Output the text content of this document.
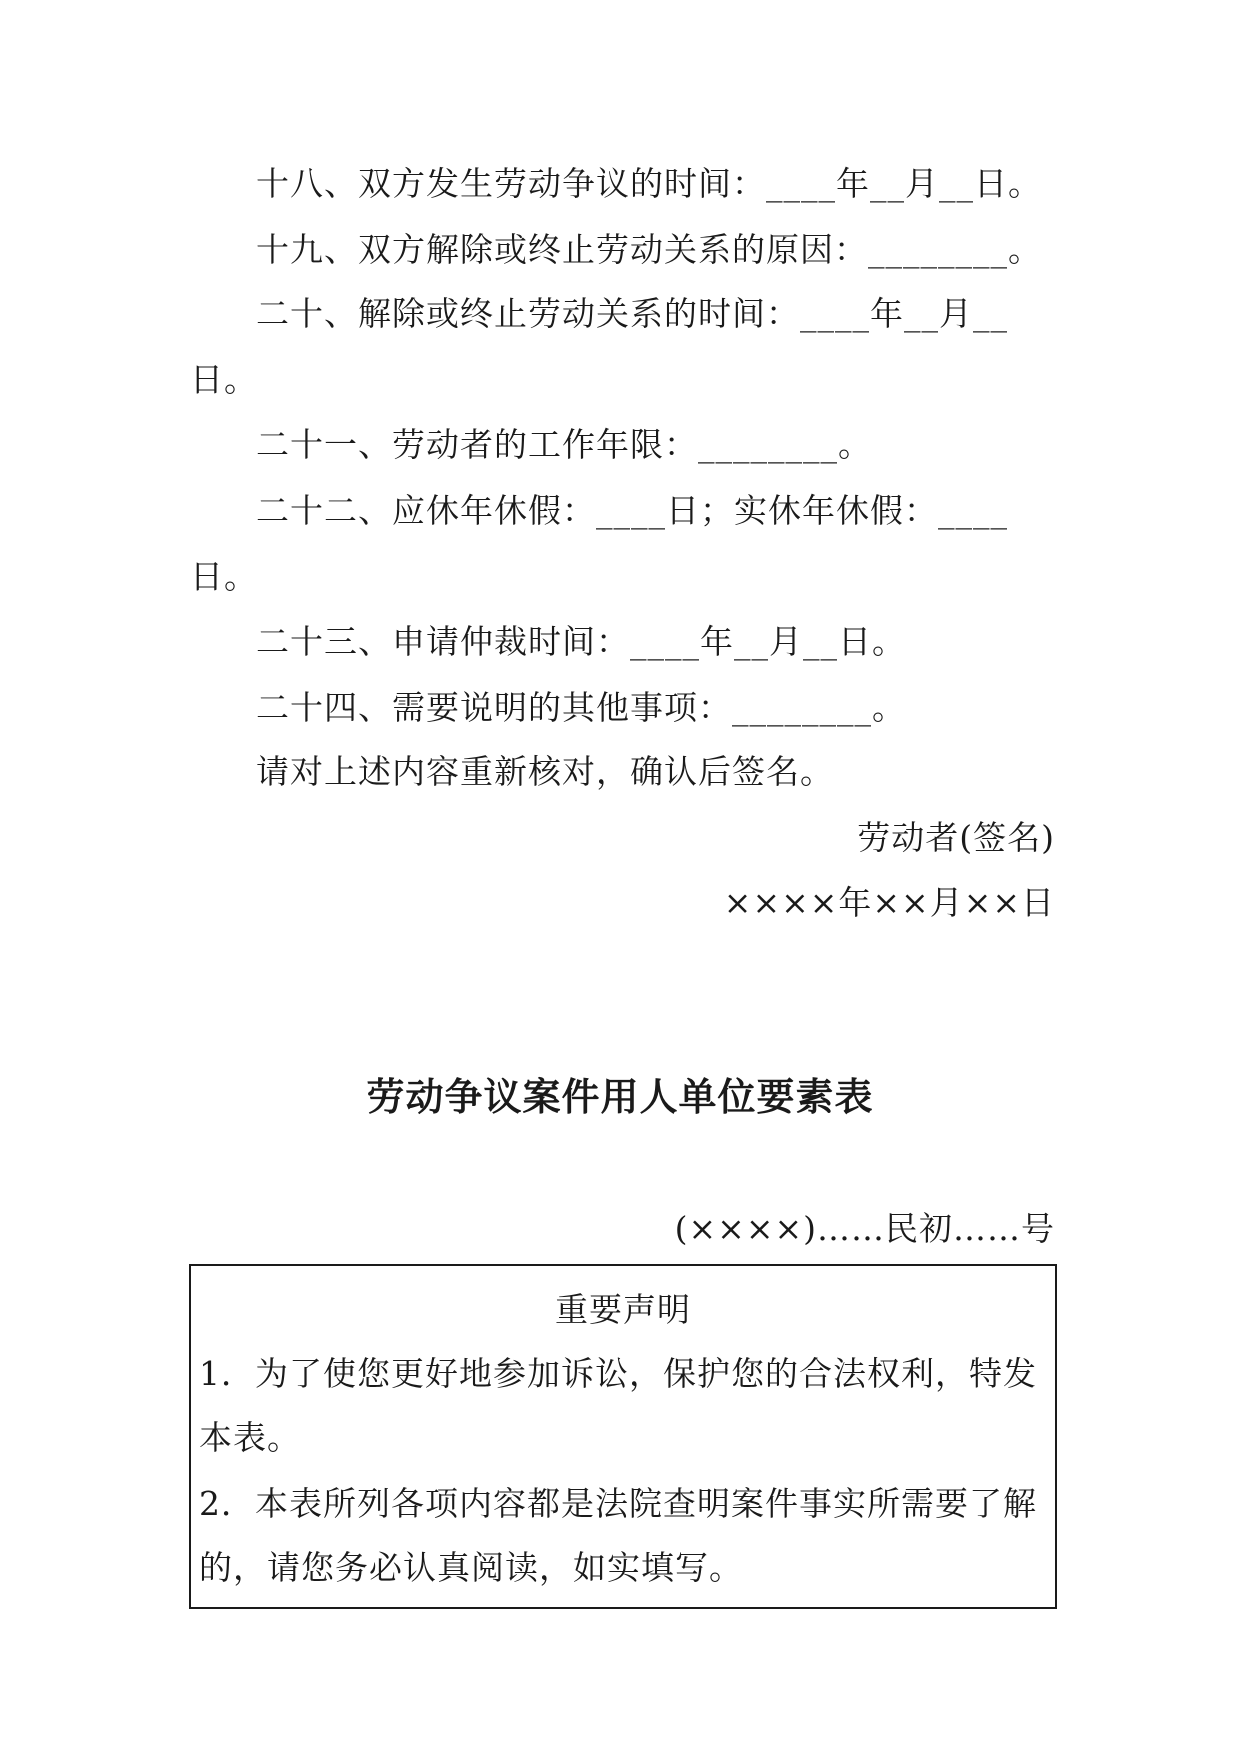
十八、双方发生劳动争议的时间：____年__月__日。
十九、双方解除或终止劳动关系的原因：________。
二十、解除或终止劳动关系的时间：____年__月__
日。
二十一、劳动者的工作年限：________。
二十二、应休年休假：____日；实休年休假：____
日。
二十三、申请仲裁时间：____年__月__日。
二十四、需要说明的其他事项：________。
请对上述内容重新核对，确认后签名。
劳动者(签名)
××××年××月××日
劳动争议案件用人单位要素表
(××××)……民初……号
重要声明
1．为了使您更好地参加诉讼，保护您的合法权利，特发
本表。
2．本表所列各项内容都是法院查明案件事实所需要了解
的，请您务必认真阅读，如实填写。
